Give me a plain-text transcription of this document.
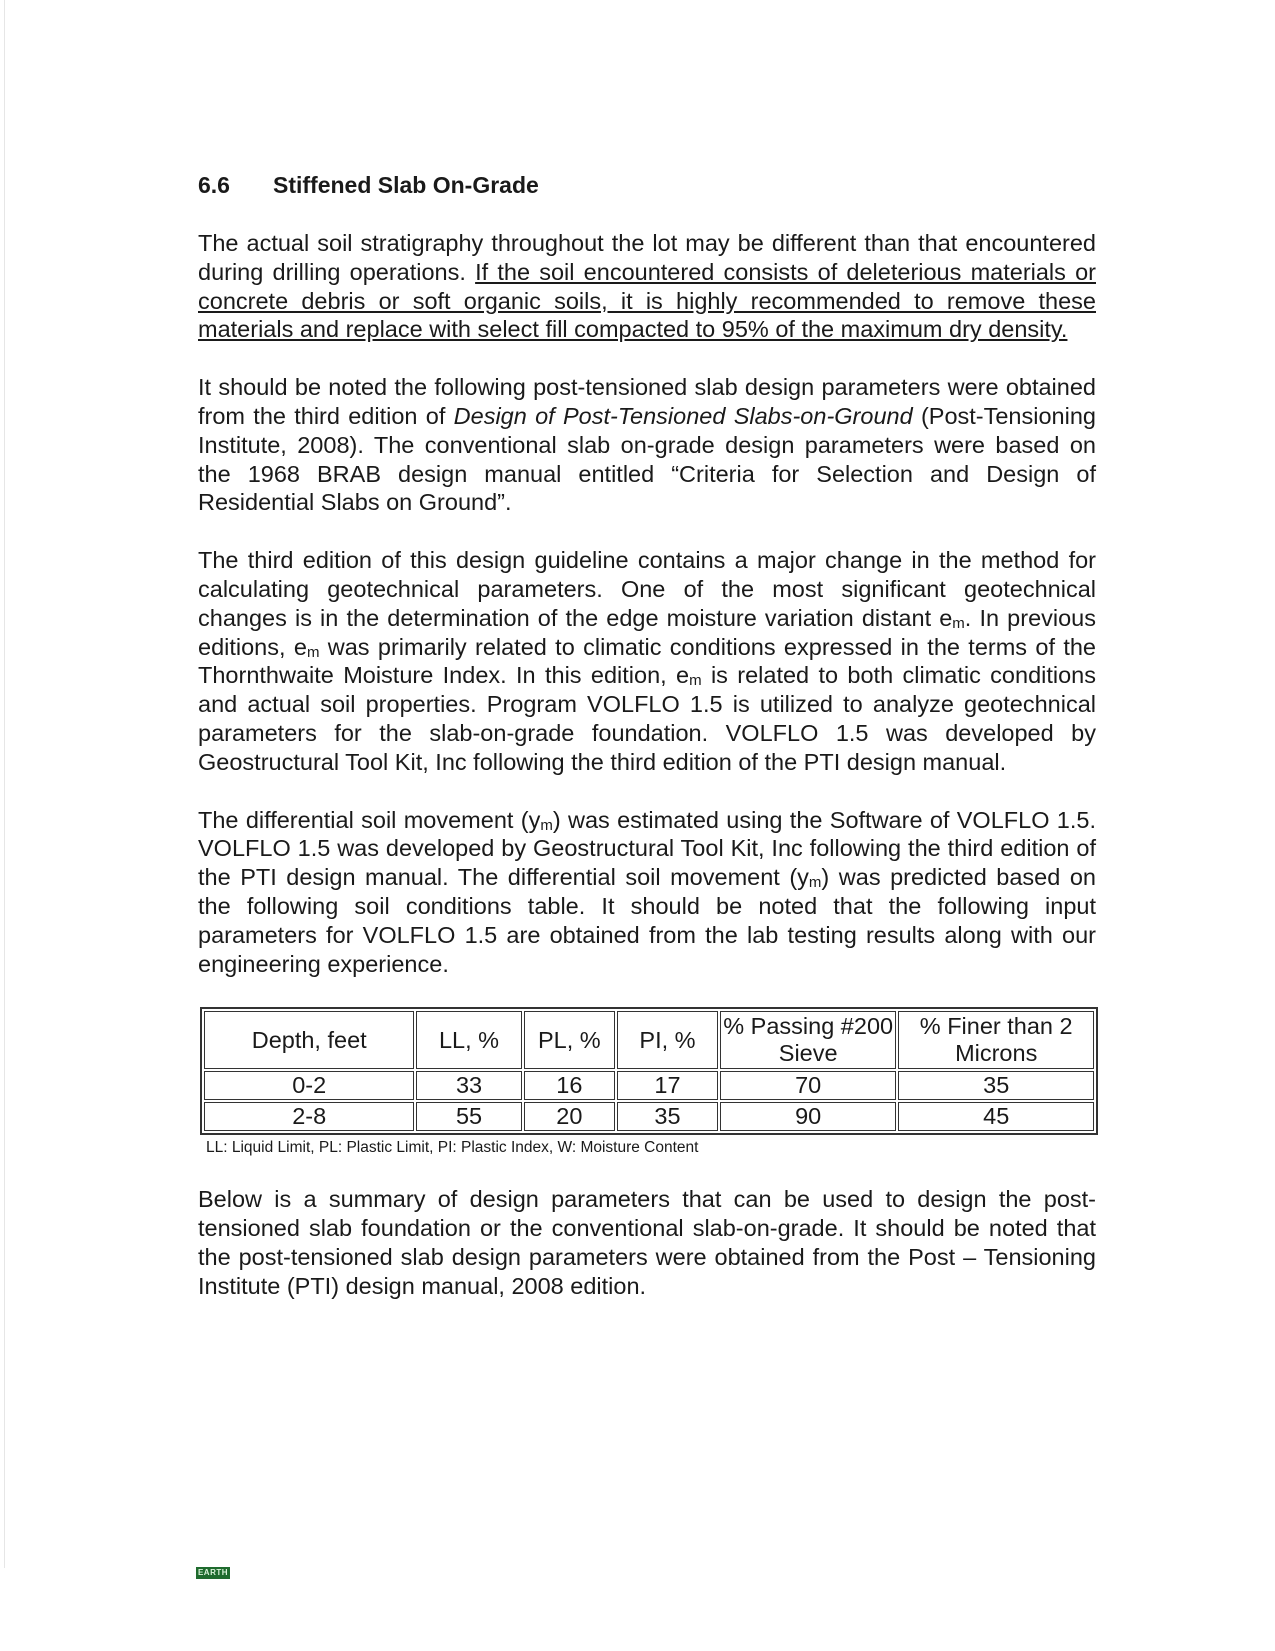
6.6 Stiffened Slab On-Grade

The actual soil stratigraphy throughout the lot may be different than that encountered during drilling operations. If the soil encountered consists of deleterious materials or concrete debris or soft organic soils, it is highly recommended to remove these materials and replace with select fill compacted to 95% of the maximum dry density.

It should be noted the following post-tensioned slab design parameters were obtained from the third edition of Design of Post-Tensioned Slabs-on-Ground (Post-Tensioning Institute, 2008). The conventional slab on-grade design parameters were based on the 1968 BRAB design manual entitled “Criteria for Selection and Design of Residential Slabs on Ground”.

The third edition of this design guideline contains a major change in the method for calculating geotechnical parameters. One of the most significant geotechnical changes is in the determination of the edge moisture variation distant $e_m$. In previous editions, $e_m$ was primarily related to climatic conditions expressed in the terms of the Thornthwaite Moisture Index. In this edition, $e_m$ is related to both climatic conditions and actual soil properties. Program VOLFLO 1.5 is utilized to analyze geotechnical parameters for the slab-on-grade foundation. VOLFLO 1.5 was developed by Geostructural Tool Kit, Inc following the third edition of the PTI design manual.

The differential soil movement $(y_m)$ was estimated using the Software of VOLFLO 1.5. VOLFLO 1.5 was developed by Geostructural Tool Kit, Inc following the third edition of the PTI design manual. The differential soil movement $(y_m)$ was predicted based on the following soil conditions table. It should be noted that the following input parameters for VOLFLO 1.5 are obtained from the lab testing results along with our engineering experience.

Depth, feet	LL, %	PL, %	PI, %	% Passing #200 Sieve	% Finer than 2 Microns
0-2	33	16	17	70	35
2-8	55	20	35	90	45
LL: Liquid Limit, PL: Plastic Limit, PI: Plastic Index, W: Moisture Content

Below is a summary of design parameters that can be used to design the post-tensioned slab foundation or the conventional slab-on-grade. It should be noted that the post-tensioned slab design parameters were obtained from the Post – Tensioning Institute (PTI) design manual, 2008 edition.

EARTH
